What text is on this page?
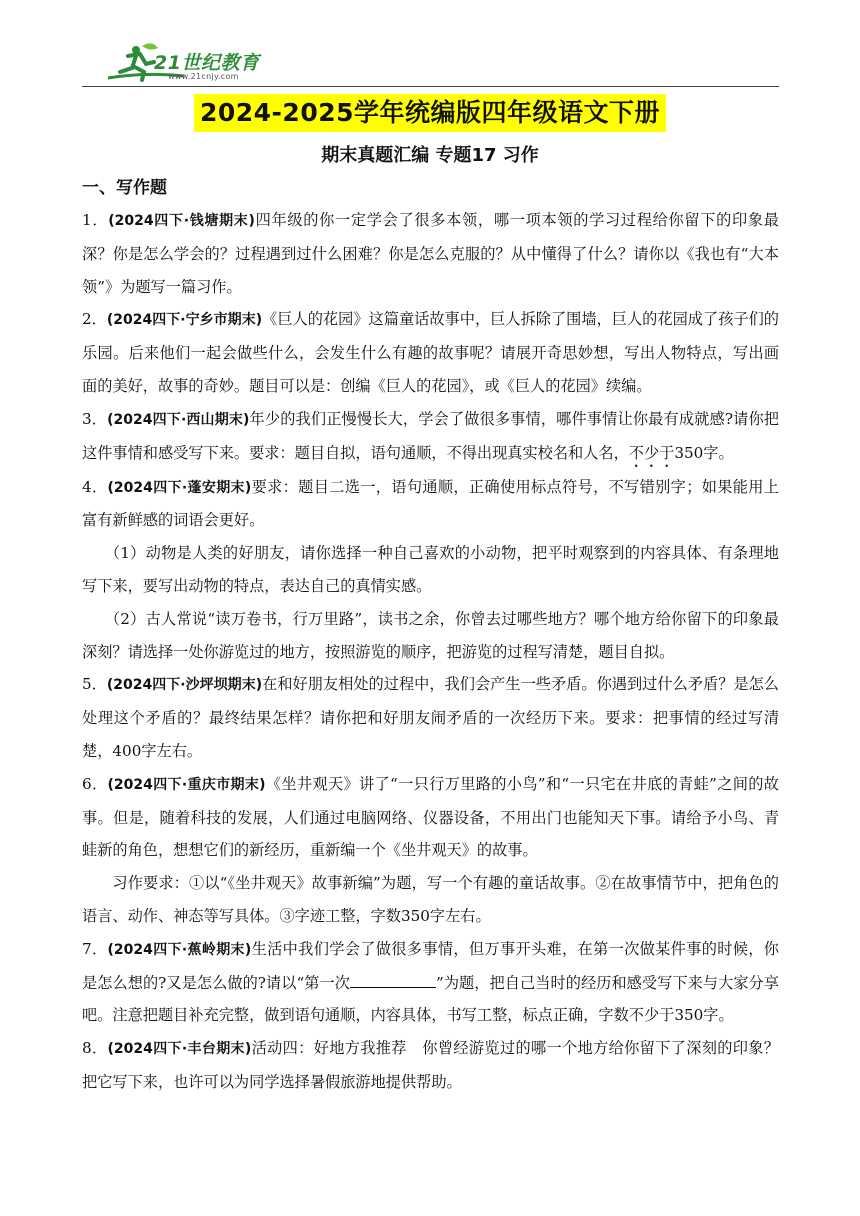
21世纪教育
www.21cnjy.com
2024-2025学年统编版四年级语文下册
期末真题汇编 专题17 习作
一、写作题

1．(2024四下·钱塘期末)四年级的你一定学会了很多本领，哪一项本领的学习过程给你留下的印象最深？你是怎么学会的？过程遇到过什么困难？你是怎么克服的？从中懂得了什么？请你以《我也有“大本领”》为题写一篇习作。

2．(2024四下·宁乡市期末)《巨人的花园》这篇童话故事中，巨人拆除了围墙，巨人的花园成了孩子们的乐园。后来他们一起会做些什么，会发生什么有趣的故事呢？请展开奇思妙想，写出人物特点，写出画面的美好，故事的奇妙。题目可以是：创编《巨人的花园》，或《巨人的花园》续编。

3．(2024四下·西山期末)年少的我们正慢慢长大，学会了做很多事情，哪件事情让你最有成就感?请你把这件事情和感受写下来。要求：题目自拟，语句通顺，不得出现真实校名和人名，不少于350字。

4．(2024四下·蓬安期末)要求：题目二选一，语句通顺，正确使用标点符号，不写错别字；如果能用上富有新鲜感的词语会更好。

（1）动物是人类的好朋友，请你选择一种自己喜欢的小动物，把平时观察到的内容具体、有条理地写下来，要写出动物的特点，表达自己的真情实感。

（2）古人常说“读万卷书，行万里路”，读书之余，你曾去过哪些地方？哪个地方给你留下的印象最深刻？请选择一处你游览过的地方，按照游览的顺序，把游览的过程写清楚，题目自拟。

5．(2024四下·沙坪坝期末)在和好朋友相处的过程中，我们会产生一些矛盾。你遇到过什么矛盾？是怎么处理这个矛盾的？最终结果怎样？请你把和好朋友闹矛盾的一次经历下来。要求：把事情的经过写清楚，400字左右。

6．(2024四下·重庆市期末)《坐井观天》讲了“一只行万里路的小鸟”和“一只宅在井底的青蛙”之间的故事。但是，随着科技的发展，人们通过电脑网络、仪器设备，不用出门也能知天下事。请给予小鸟、青蛙新的角色，想想它们的新经历，重新编一个《坐井观天》的故事。

习作要求：①以“《坐井观天》故事新编”为题，写一个有趣的童话故事。②在故事情节中，把角色的语言、动作、神态等写具体。③字迹工整，字数350字左右。

7．(2024四下·蕉岭期末)生活中我们学会了做很多事情，但万事开头难，在第一次做某件事的时候，你是怎么想的?又是怎么做的?请以“第一次	”为题，把自己当时的经历和感受写下来与大家分享吧。注意把题目补充完整，做到语句通顺，内容具体，书写工整，标点正确，字数不少于350字。

8．(2024四下·丰台期末)活动四：好地方我推荐　你曾经游览过的哪一个地方给你留下了深刻的印象？把它写下来，也许可以为同学选择暑假旅游地提供帮助。
